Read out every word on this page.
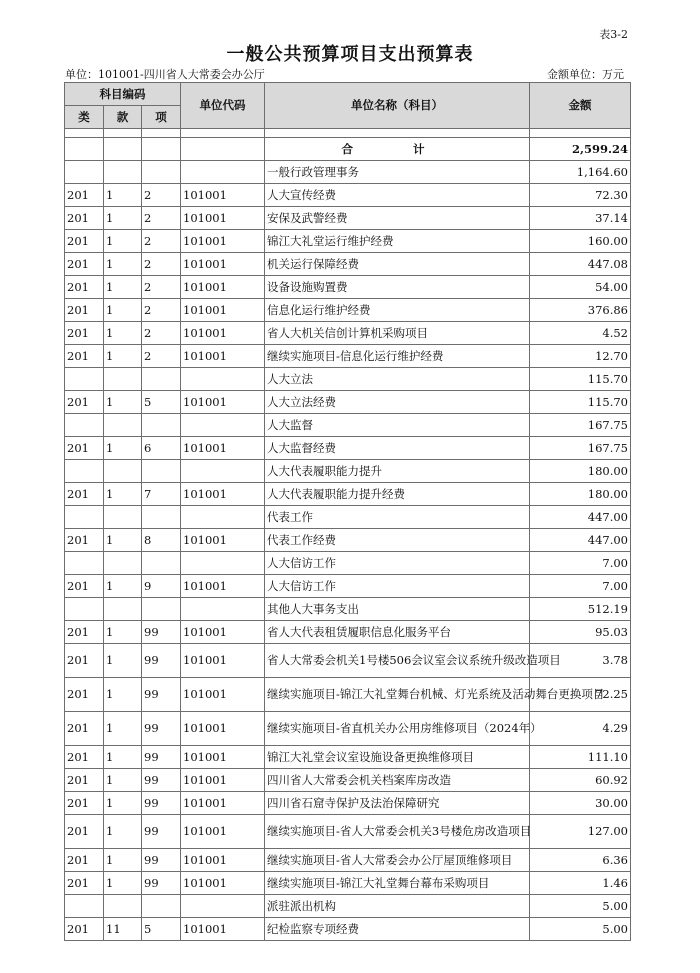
表3-2
一般公共预算项目支出预算表
单位：101001-四川省人大常委会办公厅	金额单位：万元
科目编码			单位代码	单位名称（科目）	金额
类	款	项			

				合 计	2,599.24
				一般行政管理事务	1,164.60
201	1	2	101001	人大宣传经费	72.30
201	1	2	101001	安保及武警经费	37.14
201	1	2	101001	锦江大礼堂运行维护经费	160.00
201	1	2	101001	机关运行保障经费	447.08
201	1	2	101001	设备设施购置费	54.00
201	1	2	101001	信息化运行维护经费	376.86
201	1	2	101001	省人大机关信创计算机采购项目	4.52
201	1	2	101001	继续实施项目-信息化运行维护经费	12.70
				人大立法	115.70
201	1	5	101001	人大立法经费	115.70
				人大监督	167.75
201	1	6	101001	人大监督经费	167.75
				人大代表履职能力提升	180.00
201	1	7	101001	人大代表履职能力提升经费	180.00
				代表工作	447.00
201	1	8	101001	代表工作经费	447.00
				人大信访工作	7.00
201	1	9	101001	人大信访工作	7.00
				其他人大事务支出	512.19
201	1	99	101001	省人大代表租赁履职信息化服务平台	95.03
201	1	99	101001	省人大常委会机关1号楼506会议室会议系统升级改造项目	3.78
201	1	99	101001	继续实施项目-锦江大礼堂舞台机械、灯光系统及活动舞台更换项目	72.25
201	1	99	101001	继续实施项目-省直机关办公用房维修项目（2024年）	4.29
201	1	99	101001	锦江大礼堂会议室设施设备更换维修项目	111.10
201	1	99	101001	四川省人大常委会机关档案库房改造	60.92
201	1	99	101001	四川省石窟寺保护及法治保障研究	30.00
201	1	99	101001	继续实施项目-省人大常委会机关3号楼危房改造项目	127.00
201	1	99	101001	继续实施项目-省人大常委会办公厅屋顶维修项目	6.36
201	1	99	101001	继续实施项目-锦江大礼堂舞台幕布采购项目	1.46
				派驻派出机构	5.00
201	11	5	101001	纪检监察专项经费	5.00
